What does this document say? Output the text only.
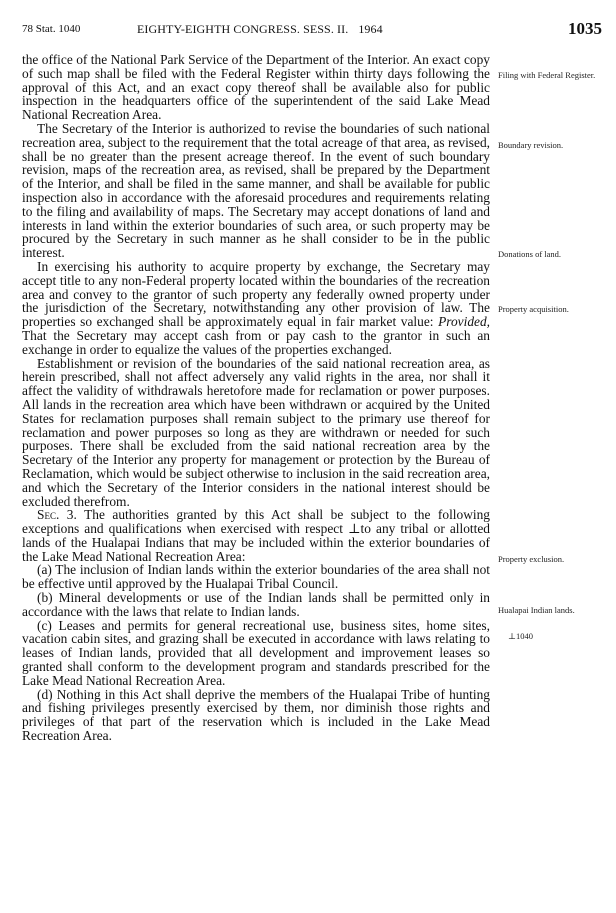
78 Stat. 1040	EIGHTY-EIGHTH CONGRESS. SESS. II. 1964	1035

the office of the National Park Service of the Department of the Interior. An exact copy of such map shall be filed with the Federal Register within thirty days following the approval of this Act, and an exact copy thereof shall be available also for public inspection in the headquarters office of the superintendent of the said Lake Mead National Recreation Area.

The Secretary of the Interior is authorized to revise the boundaries of such national recreation area, subject to the requirement that the total acreage of that area, as revised, shall be no greater than the present acreage thereof. In the event of such boundary revision, maps of the recreation area, as revised, shall be prepared by the Department of the Interior, and shall be filed in the same manner, and shall be available for public inspection also in accordance with the aforesaid procedures and requirements relating to the filing and availability of maps. The Secretary may accept donations of land and interests in land within the exterior boundaries of such area, or such property may be procured by the Secretary in such manner as he shall consider to be in the public interest.

In exercising his authority to acquire property by exchange, the Secretary may accept title to any non-Federal property located within the boundaries of the recreation area and convey to the grantor of such property any federally owned property under the jurisdiction of the Secretary, notwithstanding any other provision of law. The properties so exchanged shall be approximately equal in fair market value: Provided, That the Secretary may accept cash from or pay cash to the grantor in such an exchange in order to equalize the values of the properties exchanged.

Establishment or revision of the boundaries of the said national recreation area, as herein prescribed, shall not affect adversely any valid rights in the area, nor shall it affect the validity of withdrawals heretofore made for reclamation or power purposes. All lands in the recreation area which have been withdrawn or acquired by the United States for reclamation purposes shall remain subject to the primary use thereof for reclamation and power purposes so long as they are withdrawn or needed for such purposes. There shall be excluded from the said national recreation area by the Secretary of the Interior any property for management or protection by the Bureau of Reclamation, which would be subject otherwise to inclusion in the said recreation area, and which the Secretary of the Interior considers in the national interest should be excluded therefrom.

Sec. 3. The authorities granted by this Act shall be subject to the following exceptions and qualifications when exercised with respect ⊥to any tribal or allotted lands of the Hualapai Indians that may be included within the exterior boundaries of the Lake Mead National Recreation Area:

(a) The inclusion of Indian lands within the exterior boundaries of the area shall not be effective until approved by the Hualapai Tribal Council.

(b) Mineral developments or use of the Indian lands shall be permitted only in accordance with the laws that relate to Indian lands.

(c) Leases and permits for general recreational use, business sites, home sites, vacation cabin sites, and grazing shall be executed in accordance with laws relating to leases of Indian lands, provided that all development and improvement leases so granted shall conform to the development program and standards prescribed for the Lake Mead National Recreation Area.

(d) Nothing in this Act shall deprive the members of the Hualapai Tribe of hunting and fishing privileges presently exercised by them, nor diminish those rights and privileges of that part of the reservation which is included in the Lake Mead Recreation Area.

Filing with Federal Register.
Boundary revision.
Donations of land.
Property acquisition.
Property exclusion.
Hualapai Indian lands.
⊥1040
